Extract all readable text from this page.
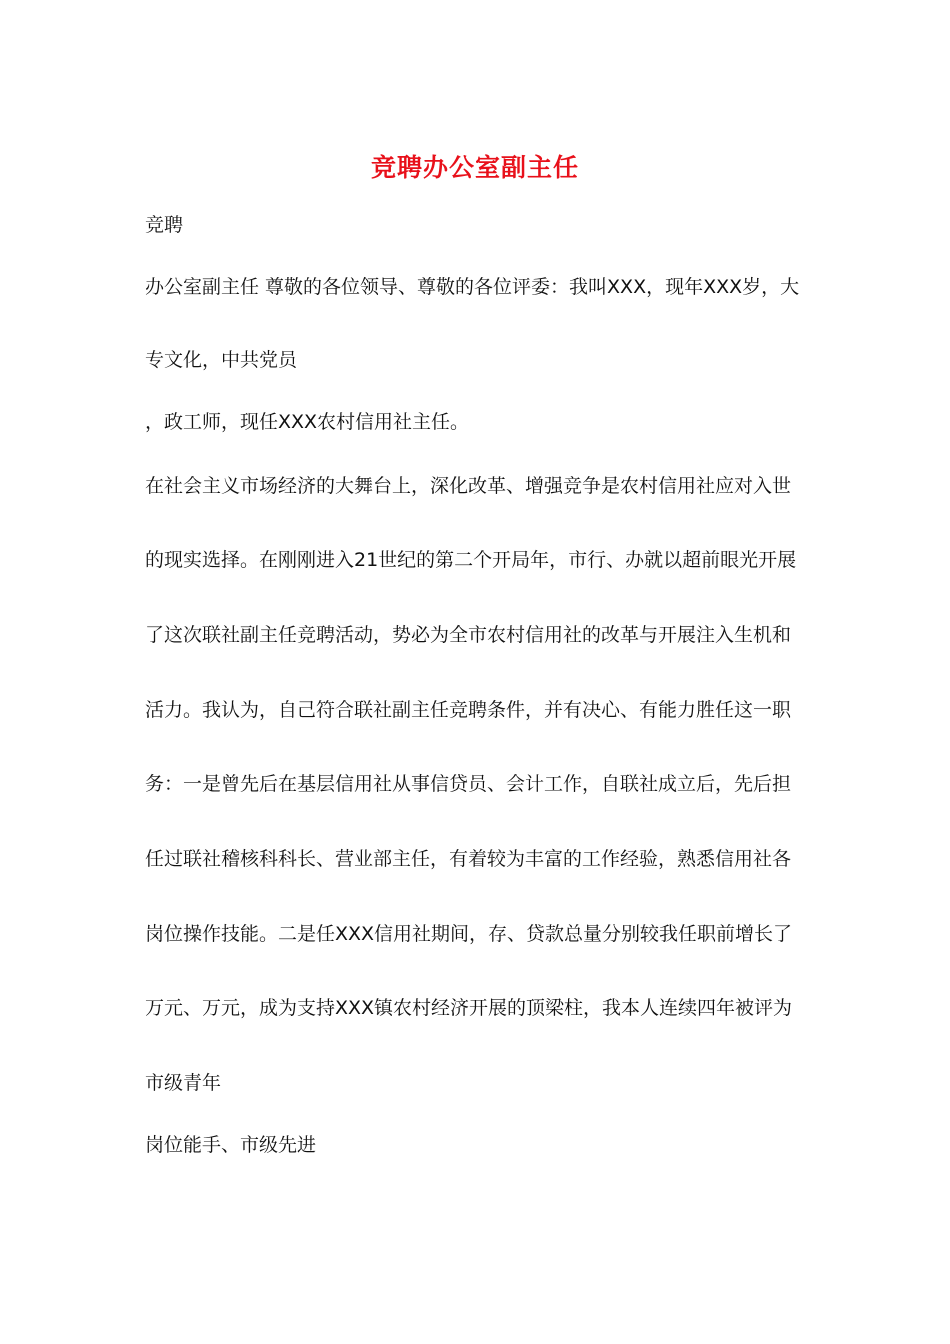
竞聘办公室副主任
竞聘
办公室副主任 尊敬的各位领导、尊敬的各位评委：我叫XXX，现年XXX岁，大
专文化，中共党员
，政工师，现任XXX农村信用社主任。
在社会主义市场经济的大舞台上，深化改革、增强竞争是农村信用社应对入世
的现实选择。在刚刚进入21世纪的第二个开局年，市行、办就以超前眼光开展
了这次联社副主任竞聘活动，势必为全市农村信用社的改革与开展注入生机和
活力。我认为，自己符合联社副主任竞聘条件，并有决心、有能力胜任这一职
务：一是曾先后在基层信用社从事信贷员、会计工作，自联社成立后，先后担
任过联社稽核科科长、营业部主任，有着较为丰富的工作经验，熟悉信用社各
岗位操作技能。二是任XXX信用社期间，存、贷款总量分别较我任职前增长了
万元、万元，成为支持XXX镇农村经济开展的顶梁柱，我本人连续四年被评为
市级青年
岗位能手、市级先进
